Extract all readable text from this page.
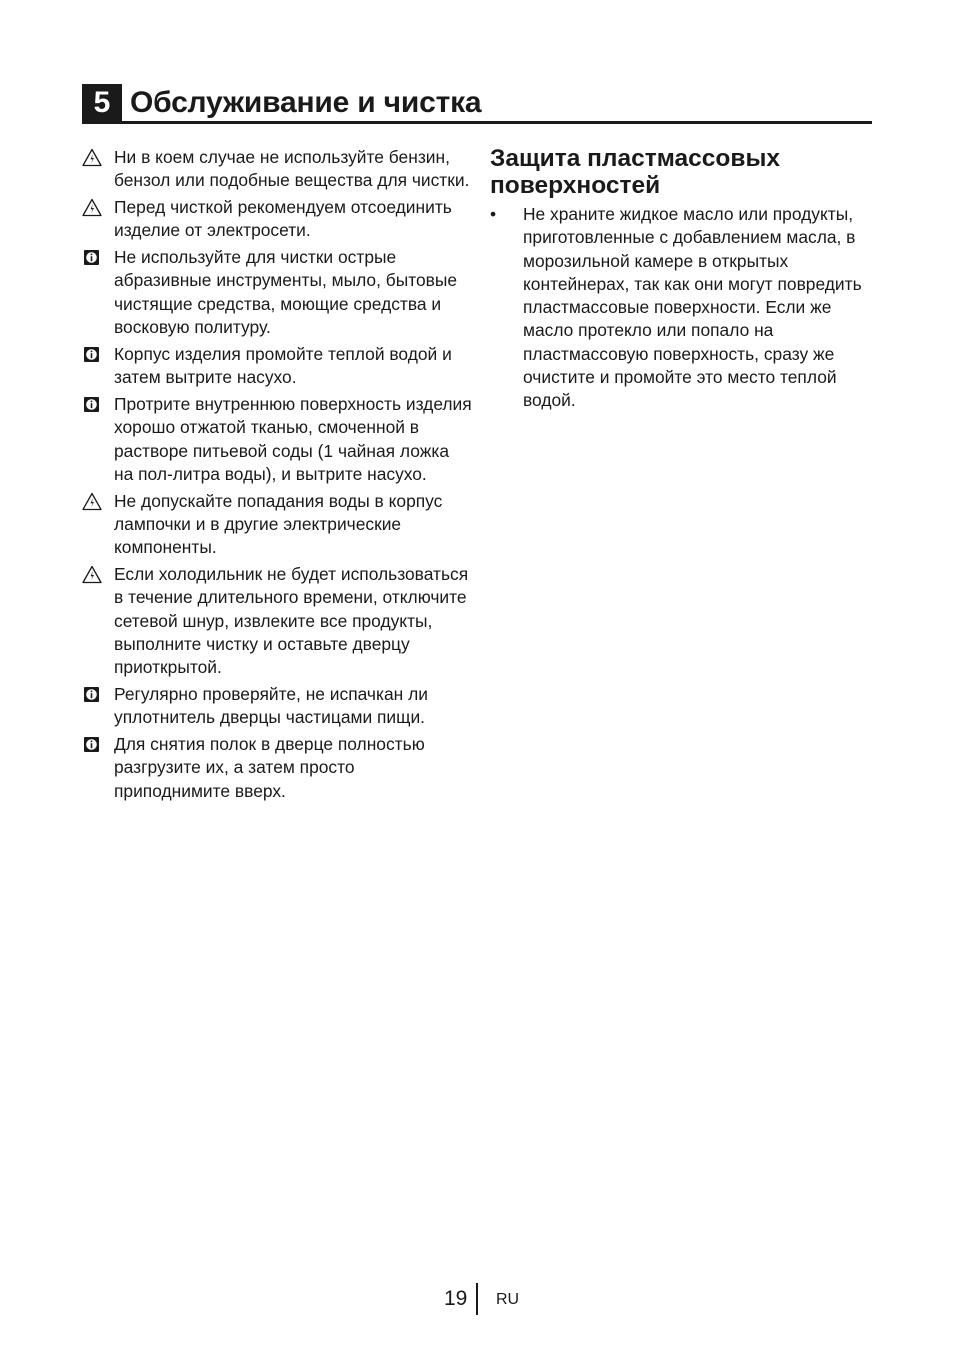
5 Обслуживание и чистка
Ни в коем случае не используйте бензин, бензол или подобные вещества для чистки.
Перед чисткой рекомендуем отсоединить изделие от электросети.
Не используйте для чистки острые абразивные инструменты, мыло, бытовые чистящие средства, моющие средства и восковую политуру.
Корпус изделия промойте теплой водой и затем вытрите насухо.
Протрите внутреннюю поверхность изделия хорошо отжатой тканью, смоченной в растворе питьевой соды (1 чайная ложка на пол-литра воды), и вытрите насухо.
Не допускайте попадания воды в корпус лампочки и в другие электрические компоненты.
Если холодильник не будет использоваться в течение длительного времени, отключите сетевой шнур, извлеките все продукты, выполните чистку и оставьте дверцу приоткрытой.
Регулярно проверяйте, не испачкан ли уплотнитель дверцы частицами пищи.
Для снятия полок в дверце полностью разгрузите их, а затем просто приподнимите вверх.
Защита пластмассовых поверхностей
• Не храните жидкое масло или продукты, приготовленные с добавлением масла, в морозильной камере в открытых контейнерах, так как они могут повредить пластмассовые поверхности. Если же масло протекло или попало на пластмассовую поверхность, сразу же очистите и промойте это место теплой водой.
19 RU
